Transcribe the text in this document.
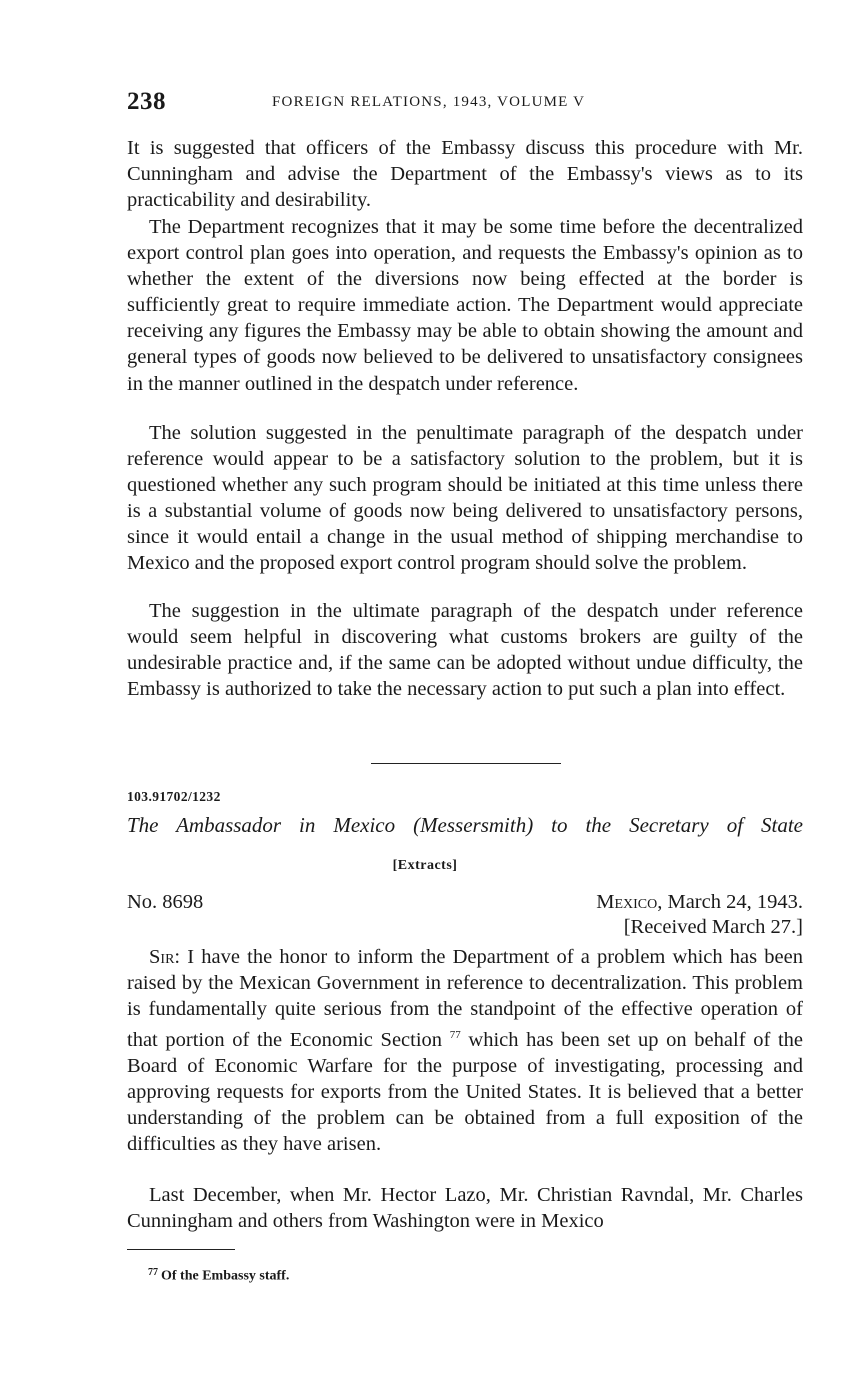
238	FOREIGN RELATIONS, 1943, VOLUME V

It is suggested that officers of the Embassy discuss this procedure with Mr. Cunningham and advise the Department of the Embassy's views as to its practicability and desirability.

The Department recognizes that it may be some time before the decentralized export control plan goes into operation, and requests the Embassy's opinion as to whether the extent of the diversions now being effected at the border is sufficiently great to require immediate action. The Department would appreciate receiving any figures the Embassy may be able to obtain showing the amount and general types of goods now believed to be delivered to unsatisfactory consignees in the manner outlined in the despatch under reference.

The solution suggested in the penultimate paragraph of the despatch under reference would appear to be a satisfactory solution to the problem, but it is questioned whether any such program should be initiated at this time unless there is a substantial volume of goods now being delivered to unsatisfactory persons, since it would entail a change in the usual method of shipping merchandise to Mexico and the proposed export control program should solve the problem.

The suggestion in the ultimate paragraph of the despatch under reference would seem helpful in discovering what customs brokers are guilty of the undesirable practice and, if the same can be adopted without undue difficulty, the Embassy is authorized to take the necessary action to put such a plan into effect.

103.91702/1232
The Ambassador in Mexico (Messersmith) to the Secretary of State
[Extracts]
No. 8698	Mexico, March 24, 1943.
[Received March 27.]

Sir: I have the honor to inform the Department of a problem which has been raised by the Mexican Government in reference to decentralization. This problem is fundamentally quite serious from the standpoint of the effective operation of that portion of the Economic Section $^{77}$ which has been set up on behalf of the Board of Economic Warfare for the purpose of investigating, processing and approving requests for exports from the United States. It is believed that a better understanding of the problem can be obtained from a full exposition of the difficulties as they have arisen.

Last December, when Mr. Hector Lazo, Mr. Christian Ravndal, Mr. Charles Cunningham and others from Washington were in Mexico

$^{77}$ Of the Embassy staff.
